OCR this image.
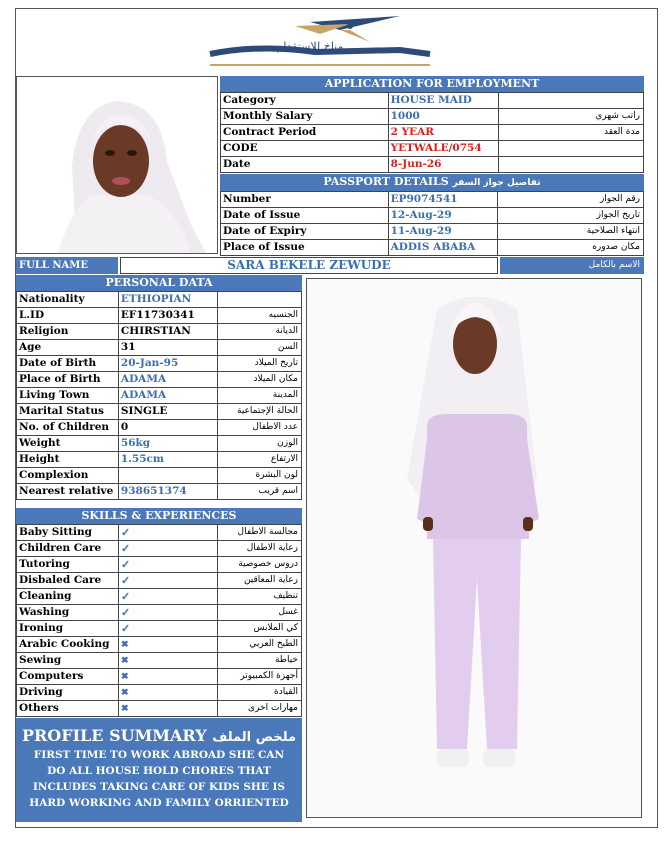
مناخ للإستقدام
APPLICATION FOR EMPLOYMENT
Category	HOUSE MAID	
Monthly Salary	1000	راتب شهري
Contract Period	2 YEAR	مدة العقد
CODE	YETWALE/0754	
Date	8-Jun-26	
PASSPORT DETAILS تفاصيل جواز السفر
Number	EP9074541	رقم الجواز
Date of Issue	12-Aug-29	تاريخ الجواز
Date of Expiry	11-Aug-29	انتهاء الصلاحية
Place of Issue	ADDIS ABABA	مكان صدوره
FULL NAME	SARA BEKELE ZEWUDE	الاسم بالكامل
PERSONAL DATA
Nationality	ETHIOPIAN	
L.ID	EF11730341	الجنسيه
Religion	CHIRSTIAN	الديانة
Age	31	السن
Date of Birth	20-Jan-95	تاريخ الميلاد
Place of Birth	ADAMA	مكان الميلاد
Living Town	ADAMA	المدينة
Marital Status	SINGLE	الحالة الإجتماعية
No. of Children	0	عدد الاطفال
Weight	56kg	الوزن
Height	1.55cm	الارتفاع
Complexion		لون البشرة
Nearest relative	938651374	اسم قريب
SKILLS & EXPERIENCES
Baby Sitting	✓	مجالسة الاطفال
Children Care	✓	رعاية الاطفال
Tutoring	✓	دروس خصوصية
Disbaled Care	✓	رعاية المعاقين
Cleaning	✓	تنظيف
Washing	✓	غسل
Ironing	✓	كي الملابس
Arabic Cooking	✖	الطبخ العربي
Sewing	✖	خياطة
Computers	✖	أجهزة الكمبيوتر
Driving	✖	القيادة
Others	✖	مهارات اخرى
PROFILE SUMMARY ملخص الملف
FIRST TIME TO WORK ABROAD SHE CAN DO ALL HOUSE HOLD CHORES THAT INCLUDES TAKING CARE OF KIDS SHE IS HARD WORKING AND FAMILY ORRIENTED
